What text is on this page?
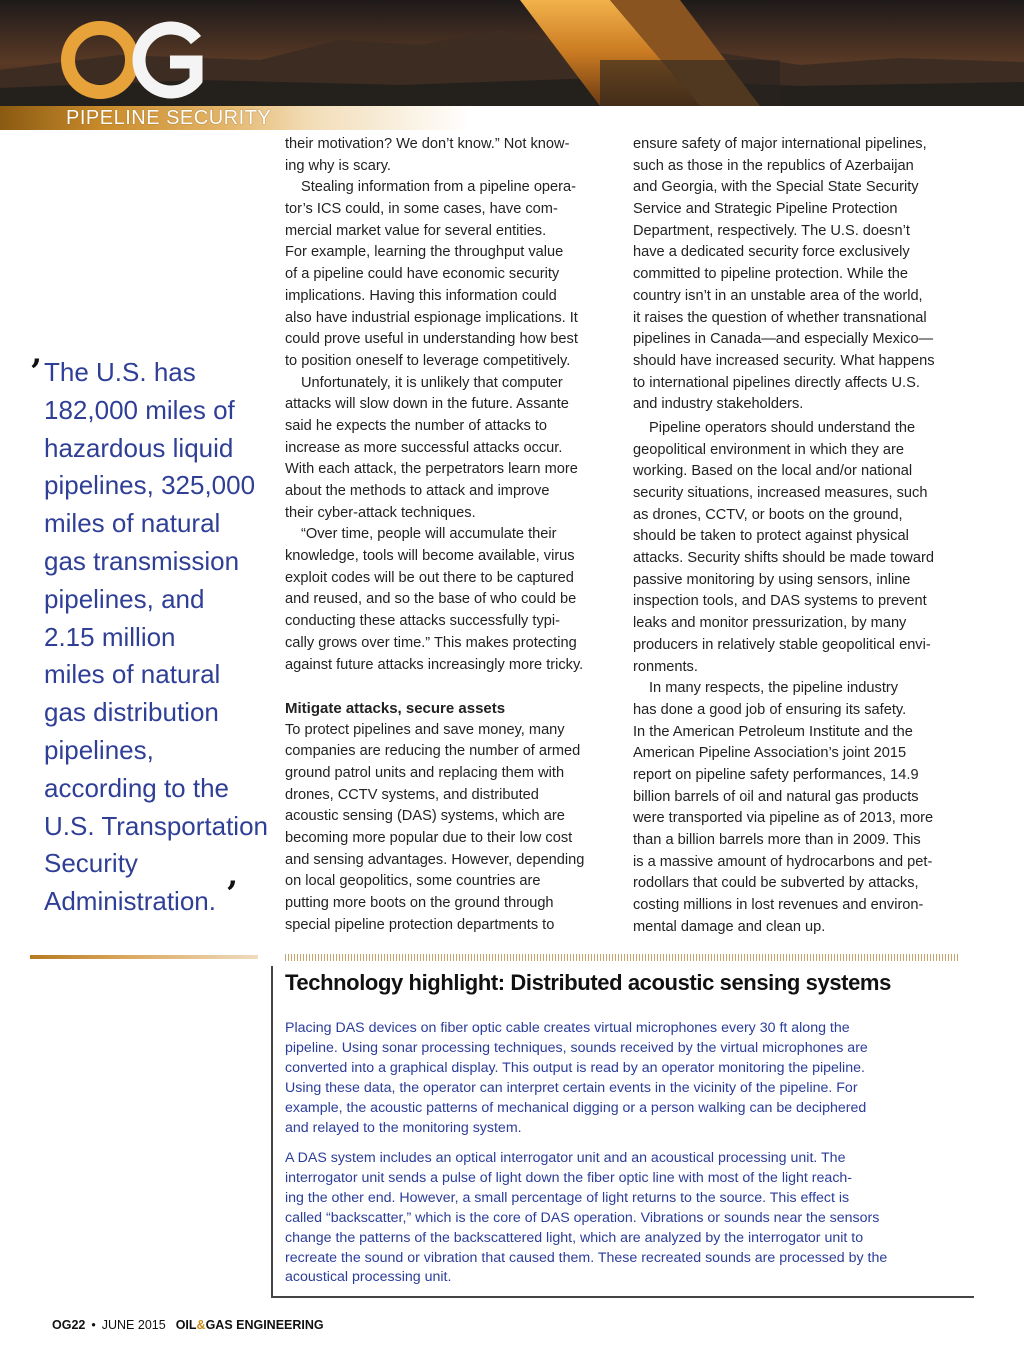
PIPELINE SECURITY
’ The U.S. has
182,000 miles of
hazardous liquid
pipelines, 325,000
miles of natural
gas transmission
pipelines, and
2.15 million
miles of natural
gas distribution
pipelines,
according to the
U.S. Transportation
Security
Administration. ’
their motivation? We don’t know.” Not know-
ing why is scary.
Stealing information from a pipeline opera-
tor’s ICS could, in some cases, have com-
mercial market value for several entities.
For example, learning the throughput value
of a pipeline could have economic security
implications. Having this information could
also have industrial espionage implications. It
could prove useful in understanding how best
to position oneself to leverage competitively.
Unfortunately, it is unlikely that computer
attacks will slow down in the future. Assante
said he expects the number of attacks to
increase as more successful attacks occur.
With each attack, the perpetrators learn more
about the methods to attack and improve
their cyber-attack techniques.
“Over time, people will accumulate their
knowledge, tools will become available, virus
exploit codes will be out there to be captured
and reused, and so the base of who could be
conducting these attacks successfully typi-
cally grows over time.” This makes protecting
against future attacks increasingly more tricky.
Mitigate attacks, secure assets
To protect pipelines and save money, many
companies are reducing the number of armed
ground patrol units and replacing them with
drones, CCTV systems, and distributed
acoustic sensing (DAS) systems, which are
becoming more popular due to their low cost
and sensing advantages. However, depending
on local geopolitics, some countries are
putting more boots on the ground through
special pipeline protection departments to
ensure safety of major international pipelines,
such as those in the republics of Azerbaijan
and Georgia, with the Special State Security
Service and Strategic Pipeline Protection
Department, respectively. The U.S. doesn’t
have a dedicated security force exclusively
committed to pipeline protection. While the
country isn’t in an unstable area of the world,
it raises the question of whether transnational
pipelines in Canada—and especially Mexico—
should have increased security. What happens
to international pipelines directly affects U.S.
and industry stakeholders.
Pipeline operators should understand the
geopolitical environment in which they are
working. Based on the local and/or national
security situations, increased measures, such
as drones, CCTV, or boots on the ground,
should be taken to protect against physical
attacks. Security shifts should be made toward
passive monitoring by using sensors, inline
inspection tools, and DAS systems to prevent
leaks and monitor pressurization, by many
producers in relatively stable geopolitical envi-
ronments.
In many respects, the pipeline industry
has done a good job of ensuring its safety.
In the American Petroleum Institute and the
American Pipeline Association’s joint 2015
report on pipeline safety performances, 14.9
billion barrels of oil and natural gas products
were transported via pipeline as of 2013, more
than a billion barrels more than in 2009. This
is a massive amount of hydrocarbons and pet-
rodollars that could be subverted by attacks,
costing millions in lost revenues and environ-
mental damage and clean up.
Technology highlight: Distributed acoustic sensing systems
Placing DAS devices on fiber optic cable creates virtual microphones every 30 ft along the
pipeline. Using sonar processing techniques, sounds received by the virtual microphones are
converted into a graphical display. This output is read by an operator monitoring the pipeline.
Using these data, the operator can interpret certain events in the vicinity of the pipeline. For
example, the acoustic patterns of mechanical digging or a person walking can be deciphered
and relayed to the monitoring system.
A DAS system includes an optical interrogator unit and an acoustical processing unit. The
interrogator unit sends a pulse of light down the fiber optic line with most of the light reach-
ing the other end. However, a small percentage of light returns to the source. This effect is
called “backscatter,” which is the core of DAS operation. Vibrations or sounds near the sensors
change the patterns of the backscattered light, which are analyzed by the interrogator unit to
recreate the sound or vibration that caused them. These recreated sounds are processed by the
acoustical processing unit.
OG22 • JUNE 2015 OIL&GAS ENGINEERING
